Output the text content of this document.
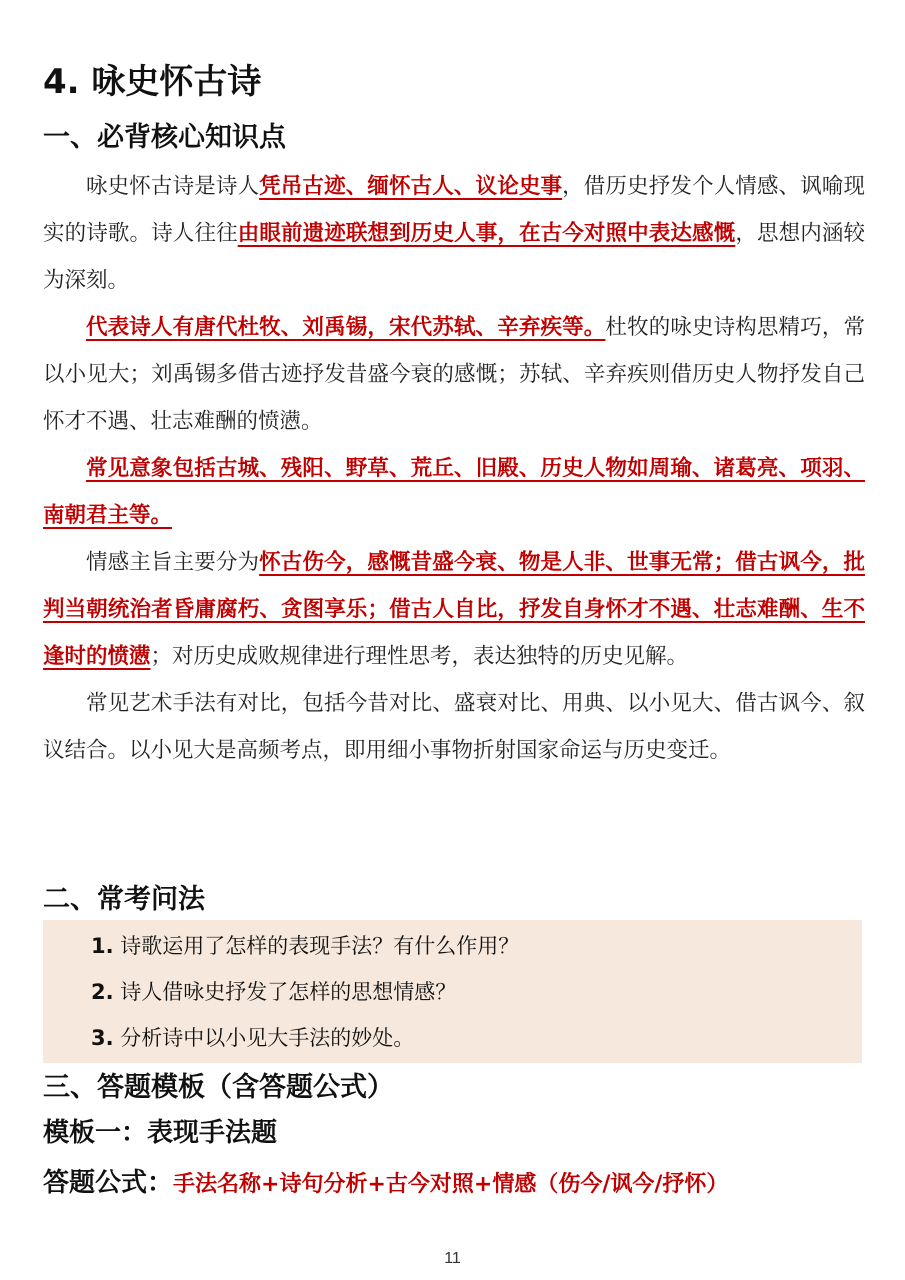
4. 咏史怀古诗
一、必背核心知识点

咏史怀古诗是诗人凭吊古迹、缅怀古人、议论史事，借历史抒发个人情感、讽喻现实的诗歌。诗人往往由眼前遗迹联想到历史人事，在古今对照中表达感慨，思想内涵较为深刻。

代表诗人有唐代杜牧、刘禹锡，宋代苏轼、辛弃疾等。杜牧的咏史诗构思精巧，常以小见大；刘禹锡多借古迹抒发昔盛今衰的感慨；苏轼、辛弃疾则借历史人物抒发自己怀才不遇、壮志难酬的愤懑。

常见意象包括古城、残阳、野草、荒丘、旧殿、历史人物如周瑜、诸葛亮、项羽、南朝君主等。

情感主旨主要分为怀古伤今，感慨昔盛今衰、物是人非、世事无常；借古讽今，批判当朝统治者昏庸腐朽、贪图享乐；借古人自比，抒发自身怀才不遇、壮志难酬、生不逢时的愤懑；对历史成败规律进行理性思考，表达独特的历史见解。

常见艺术手法有对比，包括今昔对比、盛衰对比、用典、以小见大、借古讽今、叙议结合。以小见大是高频考点，即用细小事物折射国家命运与历史变迁。

二、常考问法

1. 诗歌运用了怎样的表现手法？有什么作用？

2. 诗人借咏史抒发了怎样的思想情感？

3. 分析诗中以小见大手法的妙处。

三、答题模板（含答题公式）
模板一：表现手法题
答题公式：手法名称+诗句分析+古今对照+情感（伤今/讽今/抒怀）
11
